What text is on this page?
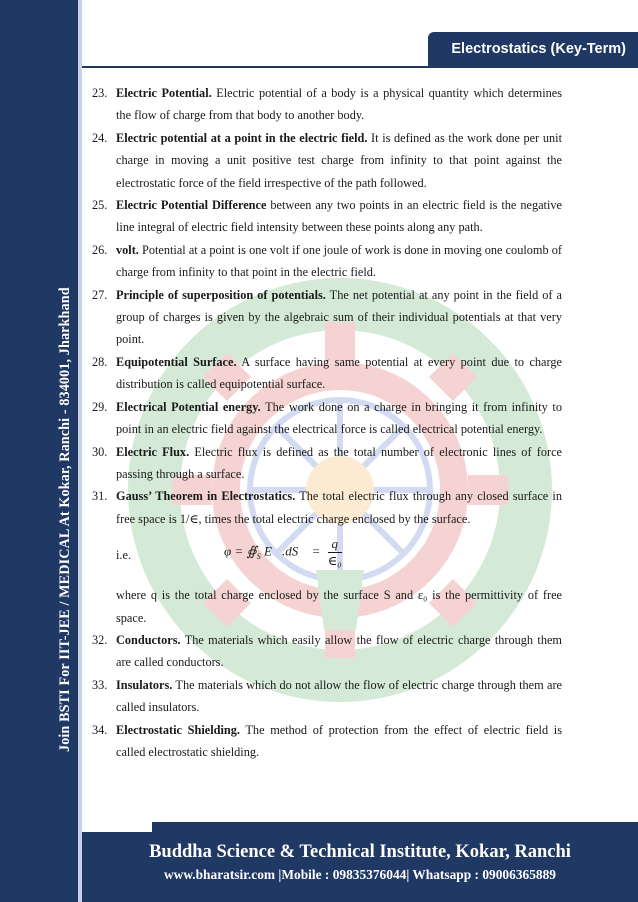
Join BSTI For IIT-JEE / MEDICAL At Kokar, Ranchi - 834001, Jharkhand
Electrostatics (Key-Term)
23. Electric Potential. Electric potential of a body is a physical quantity which determines the flow of charge from that body to another body.
24. Electric potential at a point in the electric field. It is defined as the work done per unit charge in moving a unit positive test charge from infinity to that point against the electrostatic force of the field irrespective of the path followed.
25. Electric Potential Difference between any two points in an electric field is the negative line integral of electric field intensity between these points along any path.
26. volt. Potential at a point is one volt if one joule of work is done in moving one coulomb of charge from infinity to that point in the electric field.
27. Principle of superposition of potentials. The net potential at any point in the field of a group of charges is given by the algebraic sum of their individual potentials at that very point.
28. Equipotential Surface. A surface having same potential at every point due to charge distribution is called equipotential surface.
29. Electrical Potential energy. The work done on a charge in bringing it from infinity to point in an electric field against the electrical force is called electrical potential energy.
30. Electric Flux. Electric flux is defined as the total number of electronic lines of force passing through a surface.
31. Gauss’ Theorem in Electrostatics. The total electric flux through any closed surface in free space is 1/∈, times the total electric charge enclosed by the surface.
i.e.	$\varphi = ∯_S$ E⃗.dS⃗ = $\frac{q}{\text{∈₀}}$
where q is the total charge enclosed by the surface S and ε₀ is the permittivity of free space.
32. Conductors. The materials which easily allow the flow of electric charge through them are called conductors.
33. Insulators. The materials which do not allow the flow of electric charge through them are called insulators.
34. Electrostatic Shielding. The method of protection from the effect of electric field is called electrostatic shielding.
Buddha Science & Technical Institute, Kokar, Ranchi
www.bharatsir.com |Mobile : 09835376044| Whatsapp : 09006365889
